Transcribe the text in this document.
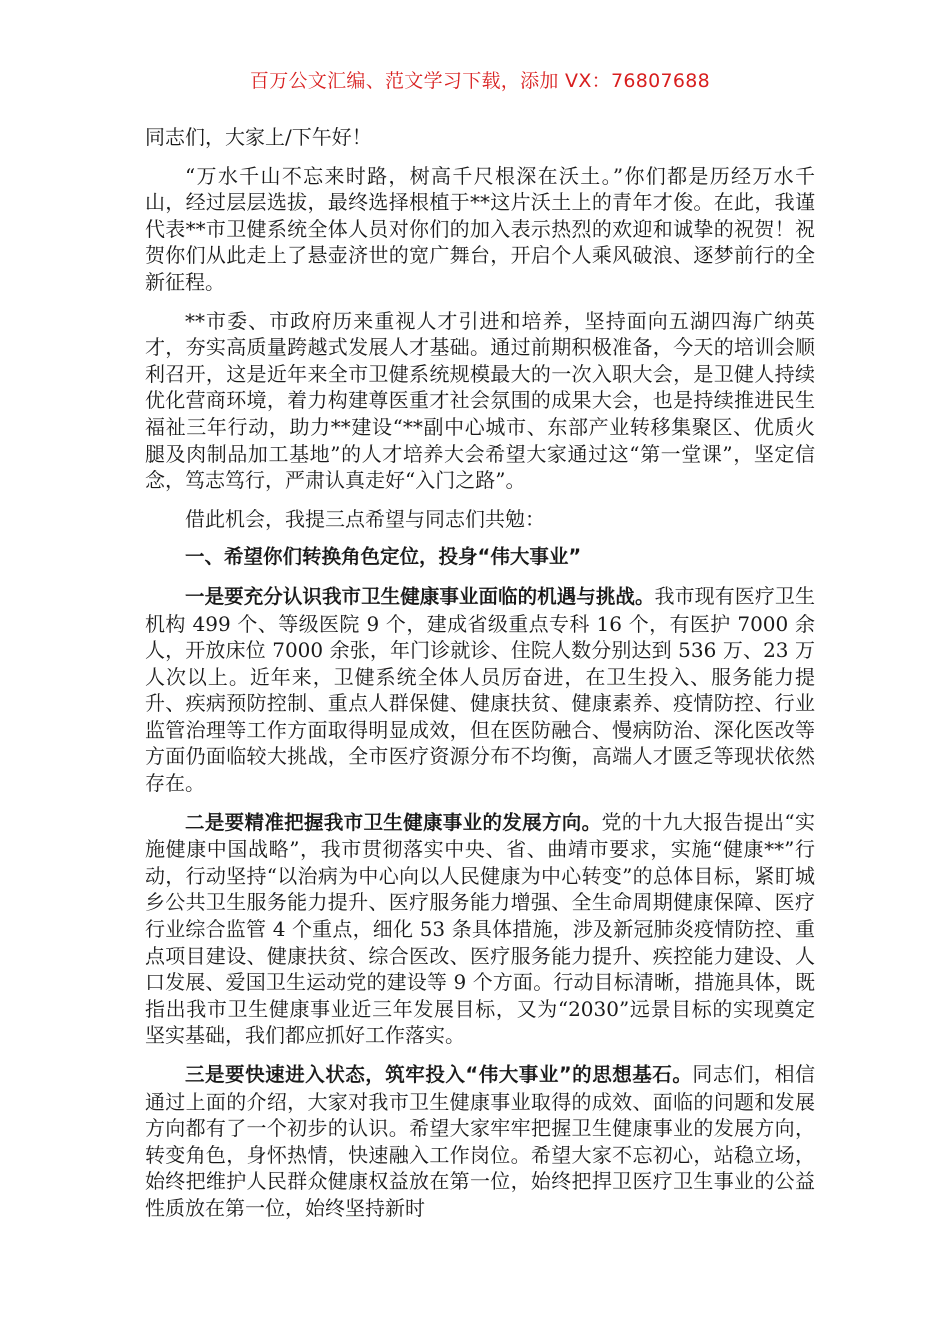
百万公文汇编、范文学习下载，添加 VX：76807688

同志们，大家上/下午好！

“万水千山不忘来时路，树高千尺根深在沃土。”你们都是历经万水千山，经过层层选拔，最终选择根植于**这片沃土上的青年才俊。在此，我谨代表**市卫健系统全体人员对你们的加入表示热烈的欢迎和诚挚的祝贺！祝贺你们从此走上了悬壶济世的宽广舞台，开启个人乘风破浪、逐梦前行的全新征程。

**市委、市政府历来重视人才引进和培养，坚持面向五湖四海广纳英才，夯实高质量跨越式发展人才基础。通过前期积极准备，今天的培训会顺利召开，这是近年来全市卫健系统规模最大的一次入职大会，是卫健人持续优化营商环境，着力构建尊医重才社会氛围的成果大会，也是持续推进民生福祉三年行动，助力**建设“**副中心城市、东部产业转移集聚区、优质火腿及肉制品加工基地”的人才培养大会希望大家通过这“第一堂课”，坚定信念，笃志笃行，严肃认真走好“入门之路”。

借此机会，我提三点希望与同志们共勉：

一、希望你们转换角色定位，投身“伟大事业”

一是要充分认识我市卫生健康事业面临的机遇与挑战。我市现有医疗卫生机构 499 个、等级医院 9 个，建成省级重点专科 16 个，有医护 7000 余人，开放床位 7000 余张，年门诊就诊、住院人数分别达到 536 万、23 万人次以上。近年来，卫健系统全体人员厉奋进，在卫生投入、服务能力提升、疾病预防控制、重点人群保健、健康扶贫、健康素养、疫情防控、行业监管治理等工作方面取得明显成效，但在医防融合、慢病防治、深化医改等方面仍面临较大挑战，全市医疗资源分布不均衡，高端人才匮乏等现状依然存在。

二是要精准把握我市卫生健康事业的发展方向。党的十九大报告提出“实施健康中国战略”，我市贯彻落实中央、省、曲靖市要求，实施“健康**”行动，行动坚持“以治病为中心向以人民健康为中心转变”的总体目标，紧盯城乡公共卫生服务能力提升、医疗服务能力增强、全生命周期健康保障、医疗行业综合监管 4 个重点，细化 53 条具体措施，涉及新冠肺炎疫情防控、重点项目建设、健康扶贫、综合医改、医疗服务能力提升、疾控能力建设、人口发展、爱国卫生运动党的建设等 9 个方面。行动目标清晰，措施具体，既指出我市卫生健康事业近三年发展目标，又为“2030”远景目标的实现奠定坚实基础，我们都应抓好工作落实。

三是要快速进入状态，筑牢投入“伟大事业”的思想基石。同志们，相信通过上面的介绍，大家对我市卫生健康事业取得的成效、面临的问题和发展方向都有了一个初步的认识。希望大家牢牢把握卫生健康事业的发展方向，转变角色，身怀热情，快速融入工作岗位。希望大家不忘初心，站稳立场，始终把维护人民群众健康权益放在第一位，始终把捍卫医疗卫生事业的公益性质放在第一位，始终坚持新时
